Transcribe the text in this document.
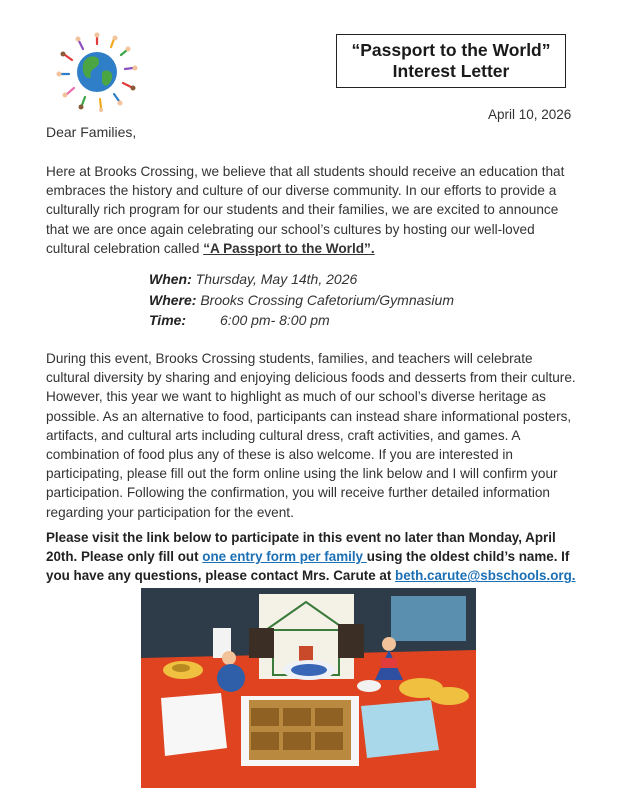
“Passport to the World”
Interest Letter
April 10, 2026
Dear Families,
Here at Brooks Crossing, we believe that all students should receive an education that embraces the history and culture of our diverse community. In our efforts to provide a culturally rich program for our students and their families, we are excited to announce that we are once again celebrating our school’s cultures by hosting our well-loved cultural celebration called “A Passport to the World”.
When: Thursday, May 14th, 2026
Where: Brooks Crossing Cafetorium/Gymnasium
Time: 6:00 pm- 8:00 pm
During this event, Brooks Crossing students, families, and teachers will celebrate cultural diversity by sharing and enjoying delicious foods and desserts from their culture. However, this year we want to highlight as much of our school’s diverse heritage as possible. As an alternative to food, participants can instead share informational posters, artifacts, and cultural arts including cultural dress, craft activities, and games. A combination of food plus any of these is also welcome. If you are interested in participating, please fill out the form online using the link below and I will confirm your participation. Following the confirmation, you will receive further detailed information regarding your participation for the event.
Please visit the link below to participate in this event no later than Monday, April 20th. Please only fill out one entry form per family using the oldest child’s name. If you have any questions, please contact Mrs. Carute at beth.carute@sbschools.org.
